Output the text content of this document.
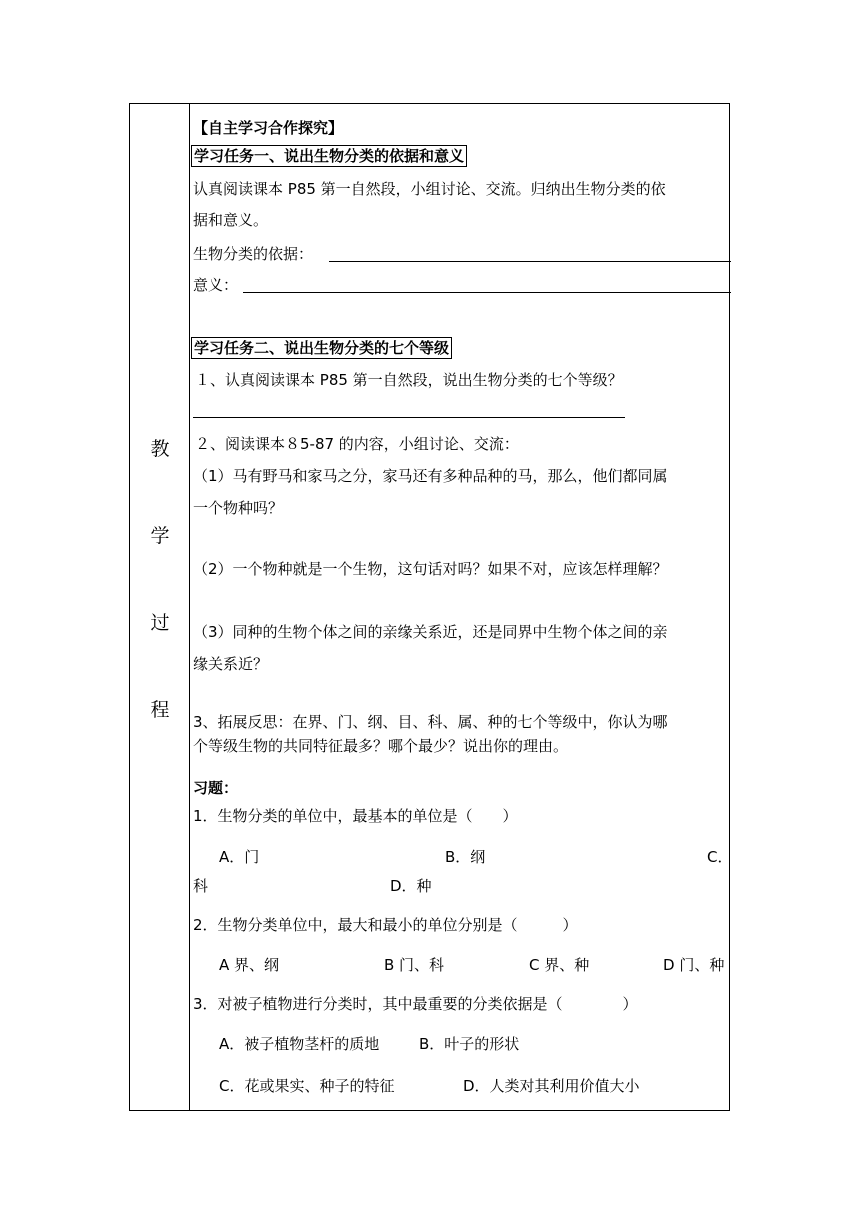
教
学
过
程
【自主学习合作探究】
学习任务一、说出生物分类的依据和意义
认真阅读课本 P85 第一自然段，小组讨论、交流。归纳出生物分类的依
据和意义。
生物分类的依据：
意义：
学习任务二、说出生物分类的七个等级
１、认真阅读课本 P85 第一自然段，说出生物分类的七个等级？
２、阅读课本８5-87 的内容，小组讨论、交流：
（1）马有野马和家马之分，家马还有多种品种的马，那么，他们都同属
一个物种吗？
（2）一个物种就是一个生物，这句话对吗？如果不对，应该怎样理解？
（3）同种的生物个体之间的亲缘关系近，还是同界中生物个体之间的亲
缘关系近？
3、拓展反思：在界、门、纲、目、科、属、种的七个等级中，你认为哪
个等级生物的共同特征最多？哪个最少？说出你的理由。
习题：
1．生物分类的单位中，最基本的单位是（　　）
A．门	B．纲	C．
科	D．种
2．生物分类单位中，最大和最小的单位分别是（　　　）
A 界、纲	B 门、科	C 界、种	D 门、种
3．对被子植物进行分类时，其中最重要的分类依据是（　　　　）
A．被子植物茎杆的质地	B．叶子的形状
C．花或果实、种子的特征	D．人类对其利用价值大小
